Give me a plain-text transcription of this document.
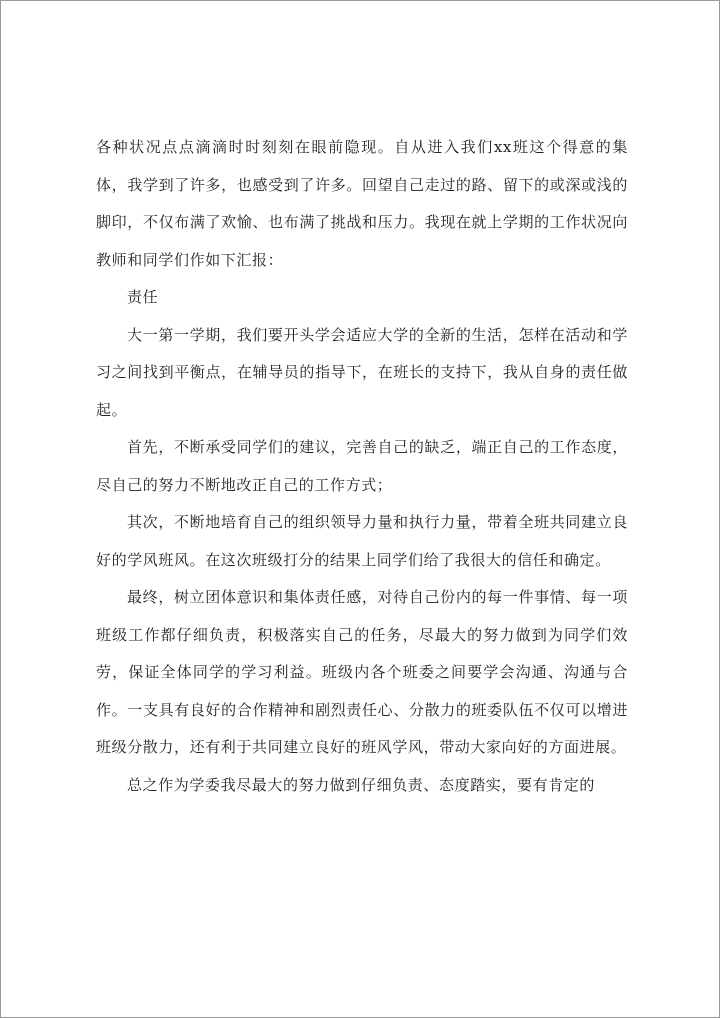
各种状况点点滴滴时时刻刻在眼前隐现。自从进入我们xx班这个得意的集体，我学到了许多，也感受到了许多。回望自己走过的路、留下的或深或浅的脚印，不仅布满了欢愉、也布满了挑战和压力。我现在就上学期的工作状况向教师和同学们作如下汇报：

责任

大一第一学期，我们要开头学会适应大学的全新的生活，怎样在活动和学习之间找到平衡点，在辅导员的指导下，在班长的支持下，我从自身的责任做起。

首先，不断承受同学们的建议，完善自己的缺乏，端正自己的工作态度，尽自己的努力不断地改正自己的工作方式；

其次，不断地培育自己的组织领导力量和执行力量，带着全班共同建立良好的学风班风。在这次班级打分的结果上同学们给了我很大的信任和确定。

最终，树立团体意识和集体责任感，对待自己份内的每一件事情、每一项班级工作都仔细负责，积极落实自己的任务，尽最大的努力做到为同学们效劳，保证全体同学的学习利益。班级内各个班委之间要学会沟通、沟通与合作。一支具有良好的合作精神和剧烈责任心、分散力的班委队伍不仅可以增进班级分散力，还有利于共同建立良好的班风学风，带动大家向好的方面进展。

总之作为学委我尽最大的努力做到仔细负责、态度踏实，要有肯定的
